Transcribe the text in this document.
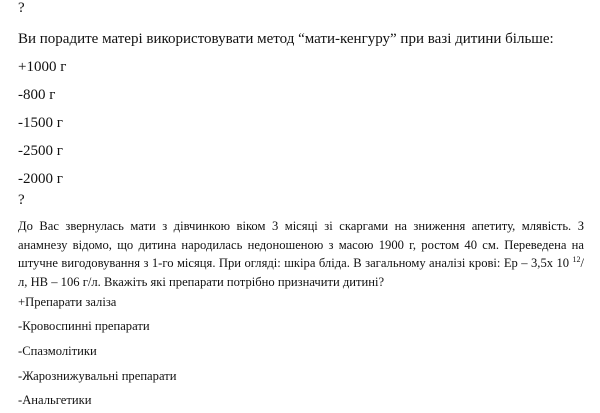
?
Ви порадите матері використовувати метод “мати-кенгуру” при вазі дитини більше:
+1000 г
-800 г
-1500 г
-2500 г
-2000 г
?
До Вас звернулась мати з дівчинкою віком 3 місяці зі скаргами на зниження апетиту, млявість. З анамнезу відомо, що дитина народилась недоношеною з масою 1900 г, ростом 40 см. Переведена на штучне вигодовування з 1-го місяця. При огляді: шкіра бліда. В загальному аналізі крові: Ер – 3,5х 10 $^{12}$/л, НВ – 106 г/л. Вкажіть які препарати потрібно призначити дитині?
+Препарати заліза
-Кровоспинні препарати
-Спазмолітики
-Жарознижувальні препарати
-Анальгетики
